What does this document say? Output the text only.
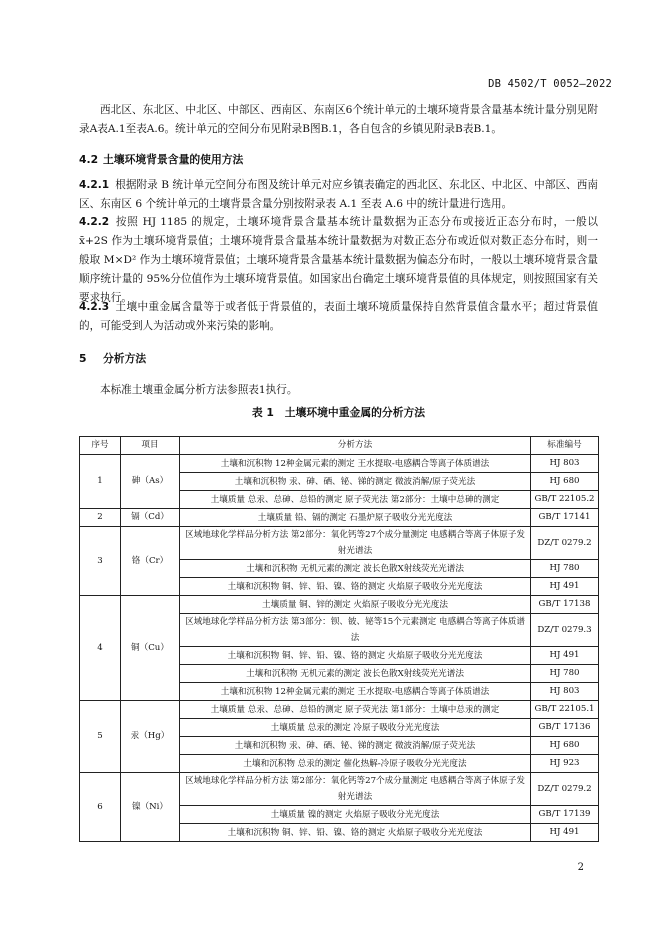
DB 4502/T 0052—2022
西北区、东北区、中北区、中部区、西南区、东南区6个统计单元的土壤环境背景含量基本统计量分别见附录A表A.1至表A.6。统计单元的空间分布见附录B图B.1，各自包含的乡镇见附录B表B.1。
4.2 土壤环境背景含量的使用方法
4.2.1 根据附录 B 统计单元空间分布图及统计单元对应乡镇表确定的西北区、东北区、中北区、中部区、西南区、东南区 6 个统计单元的土壤背景含量分别按附录表 A.1 至表 A.6 中的统计量进行选用。
4.2.2 按照 HJ 1185 的规定，土壤环境背景含量基本统计量数据为正态分布或接近正态分布时，一般以 x̄+2S 作为土壤环境背景值；土壤环境背景含量基本统计量数据为对数正态分布或近似对数正态分布时，则一般取 M×D² 作为土壤环境背景值；土壤环境背景含量基本统计量数据为偏态分布时，一般以土壤环境背景含量顺序统计量的 95%分位值作为土壤环境背景值。如国家出台确定土壤环境背景值的具体规定，则按照国家有关要求执行。
4.2.3 土壤中重金属含量等于或者低于背景值的，表面土壤环境质量保持自然背景值含量水平；超过背景值的，可能受到人为活动或外来污染的影响。
5 分析方法
本标准土壤重金属分析方法参照表1执行。
表 1　土壤环境中重金属的分析方法
序号	项目	分析方法	标准编号
1	砷（As）	土壤和沉积物 12种金属元素的测定 王水提取-电感耦合等离子体质谱法	HJ 803
		土壤和沉积物 汞、砷、硒、铋、锑的测定 微波消解/原子荧光法	HJ 680
		土壤质量 总汞、总砷、总铅的测定 原子荧光法 第2部分：土壤中总砷的测定	GB/T 22105.2
2	镉（Cd）	土壤质量 铅、镉的测定 石墨炉原子吸收分光光度法	GB/T 17141
3	铬（Cr）	区域地球化学样品分析方法 第2部分：氧化钙等27个成分量测定 电感耦合等离子体原子发射光谱法	DZ/T 0279.2
		土壤和沉积物 无机元素的测定 波长色散X射线荧光光谱法	HJ 780
		土壤和沉积物 铜、锌、铅、镍、铬的测定 火焰原子吸收分光光度法	HJ 491
4	铜（Cu）	土壤质量 铜、锌的测定 火焰原子吸收分光光度法	GB/T 17138
		区域地球化学样品分析方法 第3部分：钡、铍、铋等15个元素测定 电感耦合等离子体质谱法	DZ/T 0279.3
		土壤和沉积物 铜、锌、铅、镍、铬的测定 火焰原子吸收分光光度法	HJ 491
		土壤和沉积物 无机元素的测定 波长色散X射线荧光光谱法	HJ 780
		土壤和沉积物 12种金属元素的测定 王水提取-电感耦合等离子体质谱法	HJ 803
5	汞（Hg）	土壤质量 总汞、总砷、总铅的测定 原子荧光法 第1部分：土壤中总汞的测定	GB/T 22105.1
		土壤质量 总汞的测定 冷原子吸收分光光度法	GB/T 17136
		土壤和沉积物 汞、砷、硒、铋、锑的测定 微波消解/原子荧光法	HJ 680
		土壤和沉积物 总汞的测定 催化热解-冷原子吸收分光光度法	HJ 923
6	镍（Ni）	区域地球化学样品分析方法 第2部分：氧化钙等27个成分量测定 电感耦合等离子体原子发射光谱法	DZ/T 0279.2
		土壤质量 镍的测定 火焰原子吸收分光光度法	GB/T 17139
		土壤和沉积物 铜、锌、铅、镍、铬的测定 火焰原子吸收分光光度法	HJ 491
2
